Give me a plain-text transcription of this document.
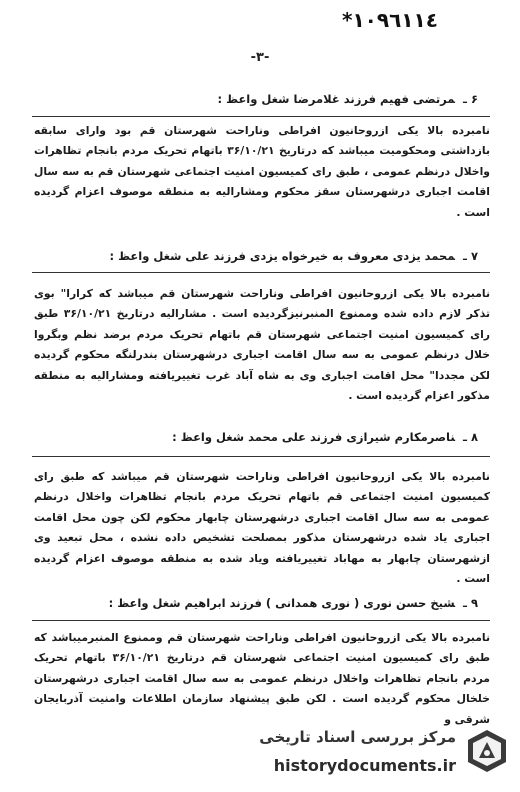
*١٠٩٦١١٤
-٣-
۶ ـمرتضی فهیم فرزند غلامرضا شغل واعظ :
نامبرده بالا یکی ازروحانیون افراطی وناراحت شهرستان قم بود وارای سابقه بازداشتی ومحکومیت میباشد که درتاریخ ۳۶/۱۰/۲۱ باتهام تحریک مردم بانجام تظاهرات واخلال درنظم عمومی ، طبق رای کمیسیون امنیت اجتماعی شهرستان قم به سه سال اقامت اجباری درشهرستان سقز محکوم ومشارالیه به منطقه موصوف اعزام گردیده است .
۷ ـمحمد یزدی معروف به خیرخواه یزدی فرزند علی شغل واعظ :
نامبرده بالا یکی ازروحانیون افراطی وناراحت شهرستان قم میباشد که کرارا" بوی تذکر لازم داده شده وممنوع المنبرنیزگردیده است . مشارالیه درتاریخ ۳۶/۱۰/۲۱ طبق رای کمیسیون امنیت اجتماعی شهرستان قم باتهام تحریک مردم برضد نظم وبگروا خلال درنظم عمومی به سه سال اقامت اجباری درشهرستان بندرلنگه محکوم گردیده لکن مجددا" محل اقامت اجباری وی به شاه آباد غرب تغییریافته ومشارالیه به منطقه مذکور اعزام گردیده است .
۸ ـناصرمکارم شیرازی فرزند علی محمد شغل واعظ :
نامبرده بالا یکی ازروحانیون افراطی وناراحت شهرستان قم میباشد که طبق رای کمیسیون امنیت اجتماعی قم باتهام تحریک مردم بانجام تظاهرات واخلال درنظم عمومی به سه سال اقامت اجباری درشهرستان چابهار محکوم لکن چون محل اقامت اجباری یاد شده درشهرستان مذکور بمصلحت تشخیص داده نشده ، محل تبعید وی ازشهرستان چابهار به مهاباد تغییریافته ویاد شده به منطقه موصوف اعزام گردیده است .
۹ ـشیخ حسن نوری ( نوری همدانی ) فرزند ابراهیم شغل واعظ :
نامبرده بالا یکی ازروحانیون افراطی وناراحت شهرستان قم وممنوع المنبرمیباشد که طبق رای کمیسیون امنیت اجتماعی شهرستان قم درتاریخ ۳۶/۱۰/۲۱ باتهام تحریک مردم بانجام تظاهرات واخلال درنظم عمومی به سه سال اقامت اجباری درشهرستان خلخال محکوم گردیده است . لکن طبق پیشنهاد سازمان اطلاعات وامنیت آذربایجان شرقی و
مرکز بررسی اسناد تاریخی
historydocuments.ir
